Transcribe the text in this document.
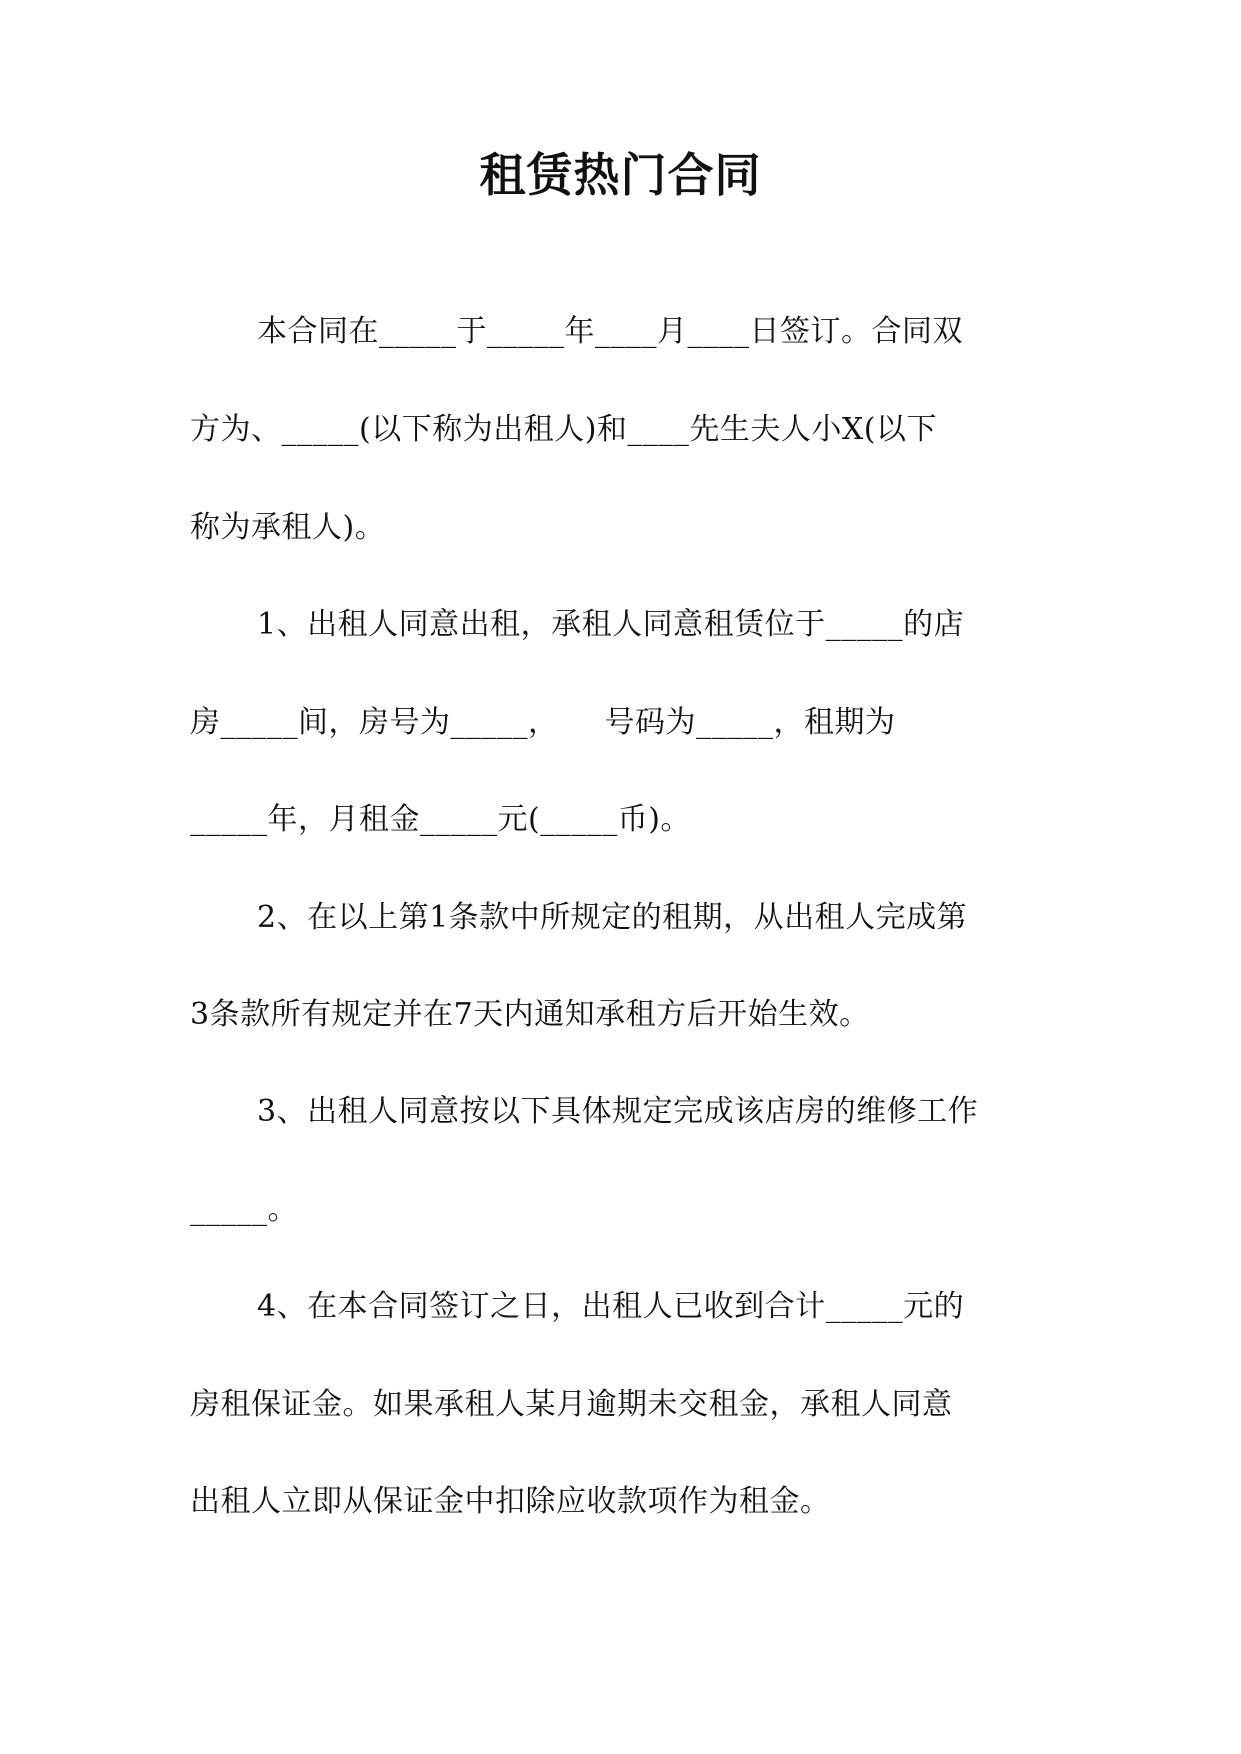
租赁热门合同
本合同在_____于_____年____月____日签订。合同双
方为、_____(以下称为出租人)和____先生夫人小X(以下
称为承租人)。
1、出租人同意出租，承租人同意租赁位于_____的店
房_____间，房号为_____，　　号码为_____，租期为
_____年，月租金_____元(_____币)。
2、在以上第1条款中所规定的租期，从出租人完成第
3条款所有规定并在7天内通知承租方后开始生效。
3、出租人同意按以下具体规定完成该店房的维修工作
_____。
4、在本合同签订之日，出租人已收到合计_____元的
房租保证金。如果承租人某月逾期未交租金，承租人同意
出租人立即从保证金中扣除应收款项作为租金。
